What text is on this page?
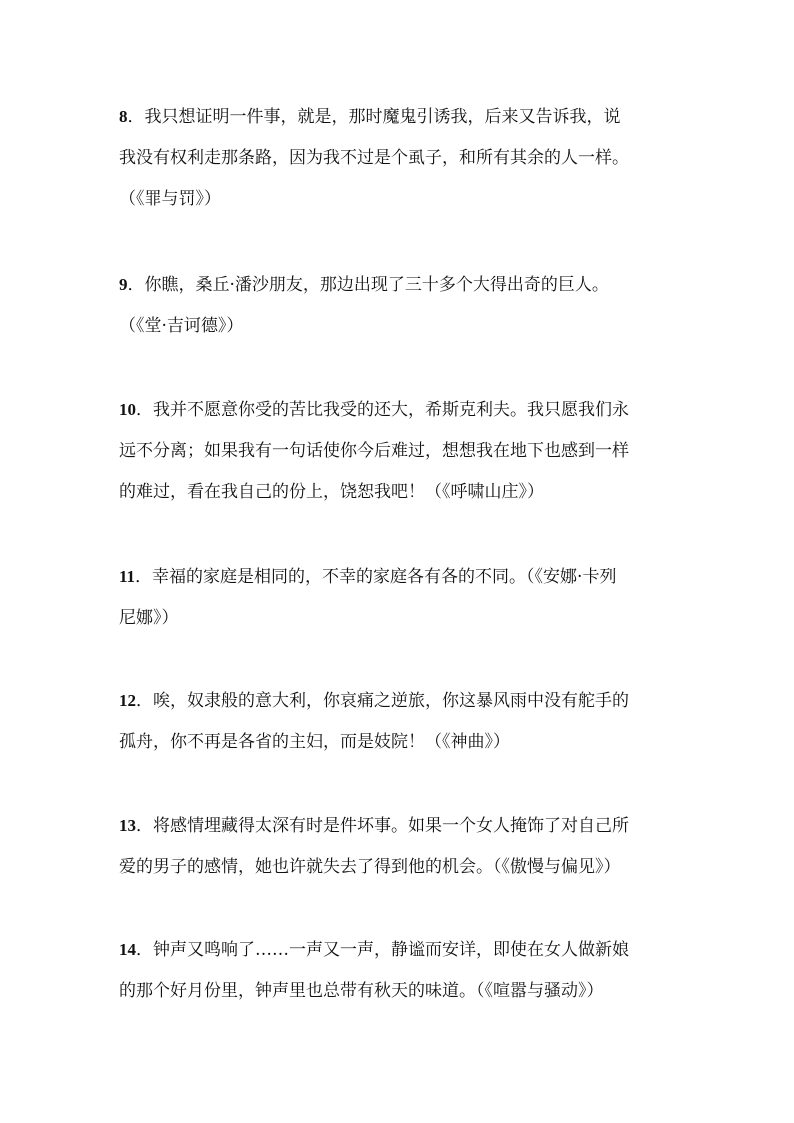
8．我只想证明一件事，就是，那时魔鬼引诱我，后来又告诉我，说
我没有权利走那条路，因为我不过是个虱子，和所有其余的人一样。
（《罪与罚》）

9．你瞧，桑丘·潘沙朋友，那边出现了三十多个大得出奇的巨人。
（《堂·吉诃德》）

10．我并不愿意你受的苦比我受的还大，希斯克利夫。我只愿我们永
远不分离；如果我有一句话使你今后难过，想想我在地下也感到一样
的难过，看在我自己的份上，饶恕我吧！（《呼啸山庄》）

11．幸福的家庭是相同的，不幸的家庭各有各的不同。（《安娜·卡列
尼娜》）

12．唉，奴隶般的意大利，你哀痛之逆旅，你这暴风雨中没有舵手的
孤舟，你不再是各省的主妇，而是妓院！（《神曲》）

13．将感情埋藏得太深有时是件坏事。如果一个女人掩饰了对自己所
爱的男子的感情，她也许就失去了得到他的机会。（《傲慢与偏见》）

14．钟声又鸣响了……一声又一声，静谧而安详，即使在女人做新娘
的那个好月份里，钟声里也总带有秋天的味道。（《喧嚣与骚动》）
